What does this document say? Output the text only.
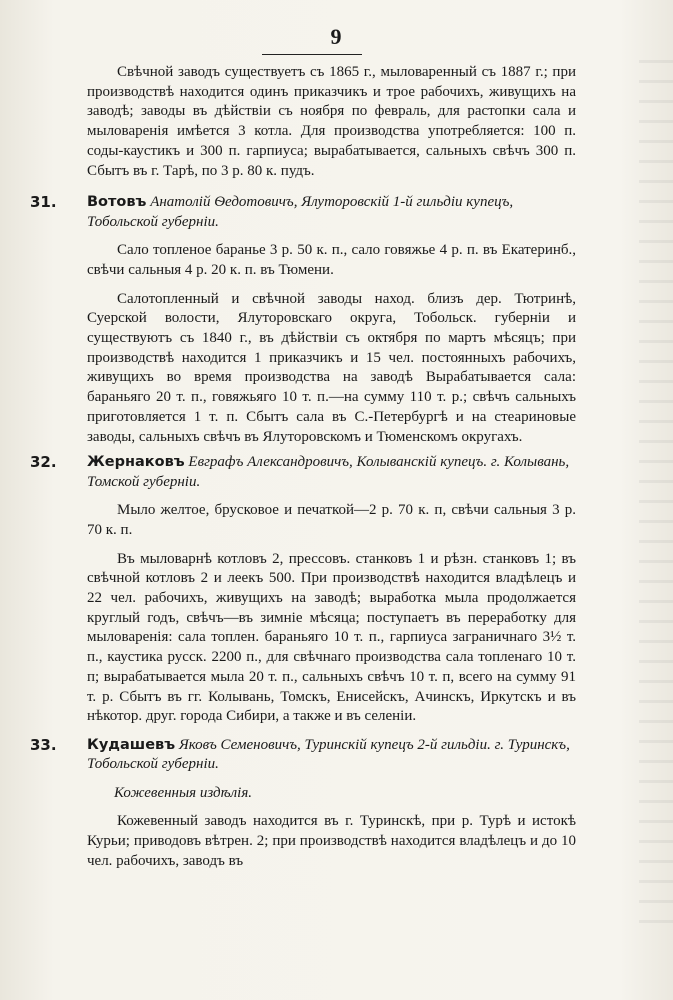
9

Свѣчной заводъ существуетъ съ 1865 г., мыловаренный съ 1887 г.; при производствѣ находится одинъ приказчикъ и трое рабочихъ, живущихъ на заводѣ; заводы въ дѣйствіи съ ноября по февраль, для растопки сала и мыловаренія имѣется 3 котла. Для производства употребляется: 100 п. соды-каустикъ и 300 п. гарпиуса; вырабатывается, сальныхъ свѣчъ 300 п. Сбытъ въ г. Тарѣ, по 3 р. 80 к. пудъ.

31. Вотовъ Анатолій Ѳедотовичъ, Ялуторовскій 1-й гильдіи купецъ, Тобольской губерніи.

Сало топленое баранье 3 р. 50 к. п., сало говяжье 4 р. п. въ Екатеринб., свѣчи сальныя 4 р. 20 к. п. въ Тюмени.

Салотопленный и свѣчной заводы наход. близъ дер. Тютринѣ, Суерской волости, Ялуторовскаго округа, Тобольск. губерніи и существуютъ съ 1840 г., въ дѣйствіи съ октября по мартъ мѣсяцъ; при производствѣ находится 1 приказчикъ и 15 чел. постоянныхъ рабочихъ, живущихъ во время производства на заводѣ Вырабатывается сала: бараньяго 20 т. п., говяжьяго 10 т. п.—на сумму 110 т. р.; свѣчъ сальныхъ приготовляется 1 т. п. Сбытъ сала въ С.-Петербургѣ и на стеариновые заводы, сальныхъ свѣчъ въ Ялуторовскомъ и Тюменскомъ округахъ.

32. Жернаковъ Евграфъ Александровичъ, Колыванскій купецъ. г. Колывань, Томской губерніи.

Мыло желтое, брусковое и печаткой—2 р. 70 к. п, свѣчи сальныя 3 р. 70 к. п.

Въ мыловарнѣ котловъ 2, прессовъ. станковъ 1 и рѣзн. станковъ 1; въ свѣчной котловъ 2 и леекъ 500. При производствѣ находится владѣлецъ и 22 чел. рабочихъ, живущихъ на заводѣ; выработка мыла продолжается круглый годъ, свѣчъ—въ зимніе мѣсяца; поступаетъ въ переработку для мыловаренія: сала топлен. бараньяго 10 т. п., гарпиуса заграничнаго 3½ т. п., каустика русск. 2200 п., для свѣчнаго производства сала топленаго 10 т. п; вырабатывается мыла 20 т. п., сальныхъ свѣчъ 10 т. п, всего на сумму 91 т. р. Сбытъ въ гг. Колывань, Томскъ, Енисейскъ, Ачинскъ, Иркутскъ и въ нѣкотор. друг. города Сибири, а также и въ селеніи.

33. Кудашевъ Яковъ Семеновичъ, Туринскій купецъ 2-й гильдіи. г. Туринскъ, Тобольской губерніи.

Кожевенныя издѣлія.

Кожевенный заводъ находится въ г. Туринскѣ, при р. Турѣ и истокѣ Курьи; приводовъ вѣтрен. 2; при производствѣ находится владѣлецъ и до 10 чел. рабочихъ, заводъ въ
